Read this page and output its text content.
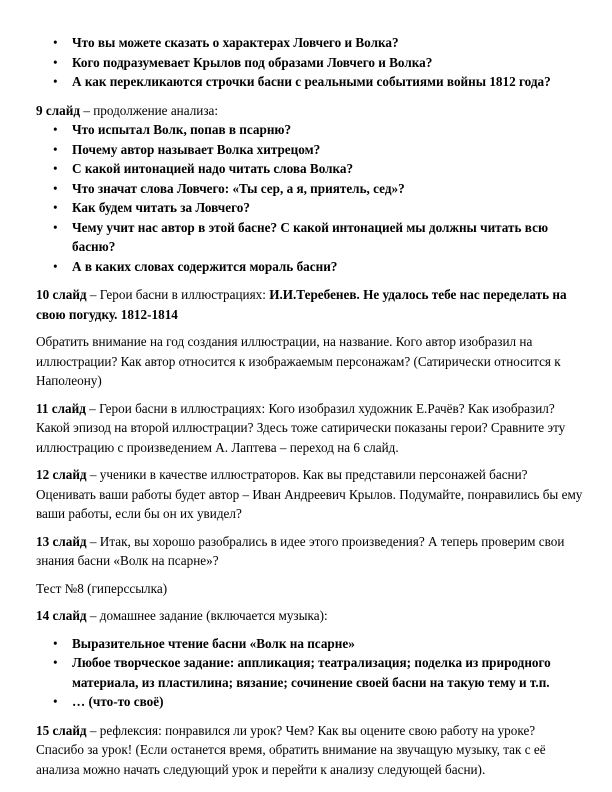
• Что вы можете сказать о характерах Ловчего и Волка?
• Кого подразумевает Крылов под образами Ловчего и Волка?
• А как перекликаются строчки басни с реальными событиями войны 1812 года?

9 слайд – продолжение анализа:

• Что испытал Волк, попав в псарню?
• Почему автор называет Волка хитрецом?
• С какой интонацией надо читать слова Волка?
• Что значат слова Ловчего: «Ты сер, а я, приятель, сед»?
• Как будем читать за Ловчего?
• Чему учит нас автор в этой басне? С какой интонацией мы должны читать всю басню?
• А в каких словах содержится мораль басни?

10 слайд – Герои басни в иллюстрациях: И.И.Теребенев. Не удалось тебе нас переделать на свою погудку. 1812-1814

Обратить внимание на год создания иллюстрации, на название. Кого автор изобразил на иллюстрации? Как автор относится к изображаемым персонажам? (Сатирически относится к Наполеону)

11 слайд – Герои басни в иллюстрациях: Кого изобразил художник Е.Рачёв? Как изобразил? Какой эпизод на второй иллюстрации? Здесь тоже сатирически показаны герои? Сравните эту иллюстрацию с произведением А. Лаптева – переход на 6 слайд.

12 слайд – ученики в качестве иллюстраторов. Как вы представили персонажей басни? Оценивать ваши работы будет автор – Иван Андреевич Крылов. Подумайте, понравились бы ему ваши работы, если бы он их увидел?

13 слайд – Итак, вы хорошо разобрались в идее этого произведения? А теперь проверим свои знания басни «Волк на псарне»?

Тест №8 (гиперссылка)

14 слайд – домашнее задание (включается музыка):

• Выразительное чтение басни «Волк на псарне»
• Любое творческое задание: аппликация; театрализация; поделка из природного материала, из пластилина; вязание; сочинение своей басни на такую тему и т.п.
• … (что-то своё)

15 слайд – рефлексия: понравился ли урок? Чем? Как вы оцените свою работу на уроке? Спасибо за урок! (Если останется время, обратить внимание на звучащую музыку, так с её анализа можно начать следующий урок и перейти к анализу следующей басни).
